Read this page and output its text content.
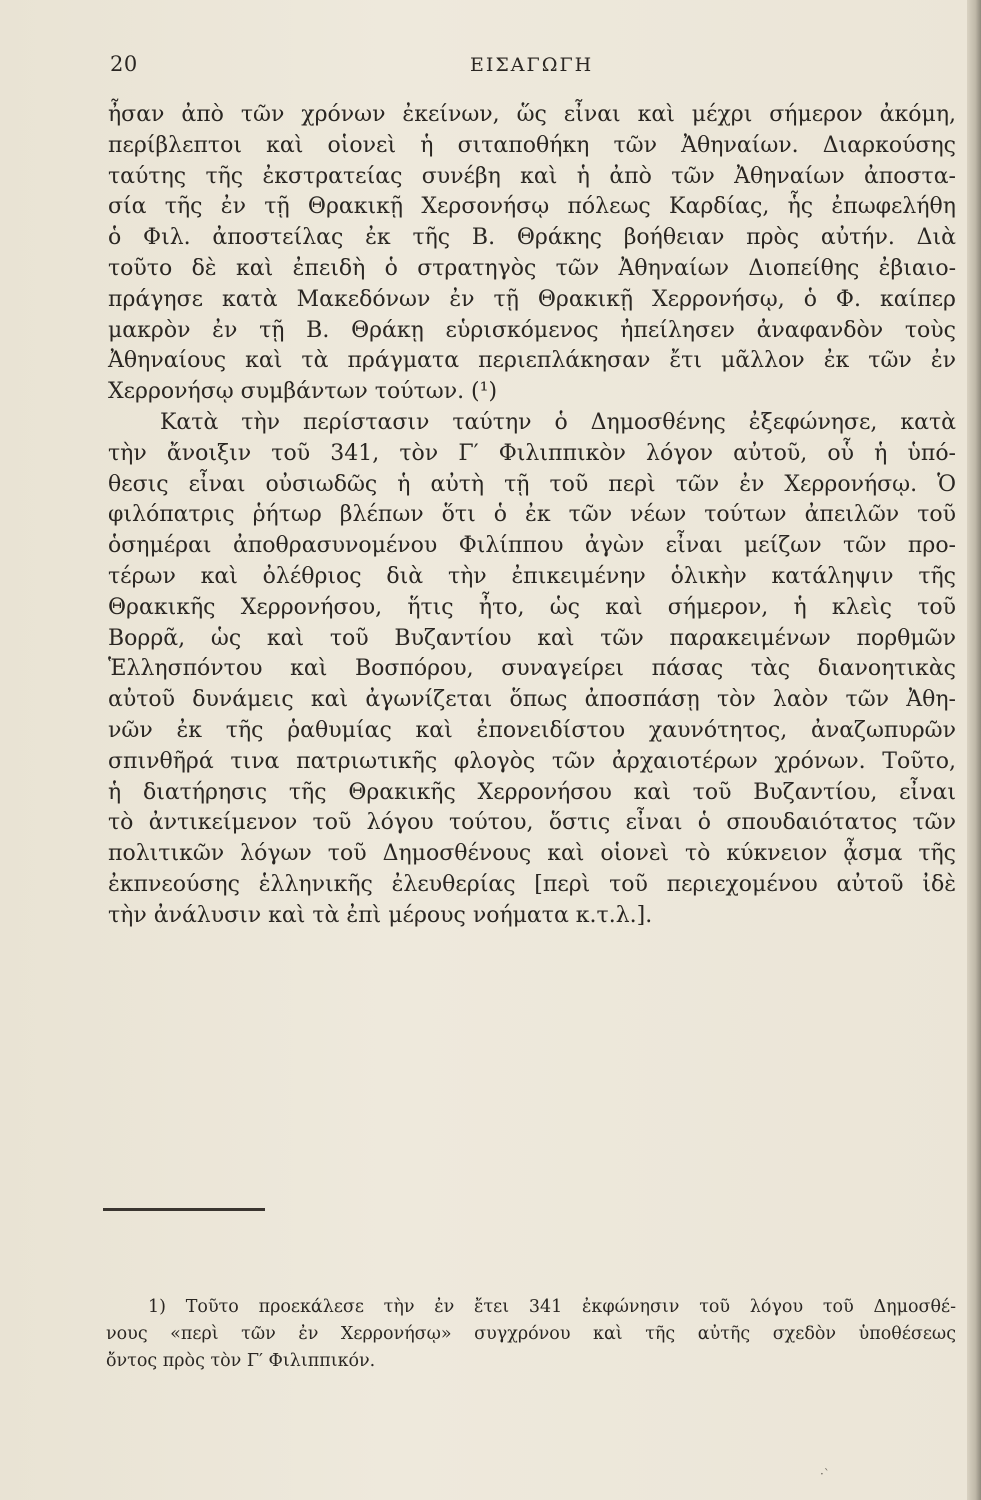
20	ΕΙΣΑΓΩΓΗ
ἦσαν ἀπὸ τῶν χρόνων ἐκείνων, ὥς εἶναι καὶ μέχρι σήμερον ἀκόμη,
περίβλεπτοι καὶ οἱονεὶ ἡ σιταποθήκη τῶν Ἀθηναίων. Διαρκούσης
ταύτης τῆς ἐκστρατείας συνέβη καὶ ἡ ἀπὸ τῶν Ἀθηναίων ἀποστα-
σία τῆς ἐν τῇ Θρακικῇ Χερσονήσῳ πόλεως Καρδίας, ἧς ἐπωφελήθη
ὁ Φιλ. ἀποστείλας ἐκ τῆς Β. Θράκης βοήθειαν πρὸς αὐτήν. Διὰ
τοῦτο δὲ καὶ ἐπειδὴ ὁ στρατηγὸς τῶν Ἀθηναίων Διοπείθης ἐβιαιο-
πράγησε κατὰ Μακεδόνων ἐν τῇ Θρακικῇ Χερρονήσῳ, ὁ Φ. καίπερ
μακρὸν ἐν τῇ Β. Θράκῃ εὑρισκόμενος ἠπείλησεν ἀναφανδὸν τοὺς
Ἀθηναίους καὶ τὰ πράγματα περιεπλάκησαν ἔτι μᾶλλον ἐκ τῶν ἐν
Χερρονήσῳ συμβάντων τούτων. (¹)
Κατὰ τὴν περίστασιν ταύτην ὁ Δημοσθένης ἐξεφώνησε, κατὰ
τὴν ἄνοιξιν τοῦ 341, τὸν Γ′ Φιλιππικὸν λόγον αὐτοῦ, οὗ ἡ ὑπό-
θεσις εἶναι οὐσιωδῶς ἡ αὐτὴ τῇ τοῦ περὶ τῶν ἐν Χερρονήσῳ. Ὁ
φιλόπατρις ῥήτωρ βλέπων ὅτι ὁ ἐκ τῶν νέων τούτων ἀπειλῶν τοῦ
ὁσημέραι ἀποθρασυνομένου Φιλίππου ἀγὼν εἶναι μείζων τῶν προ-
τέρων καὶ ὀλέθριος διὰ τὴν ἐπικειμένην ὁλικὴν κατάληψιν τῆς
Θρακικῆς Χερρονήσου, ἥτις ἦτο, ὡς καὶ σήμερον, ἡ κλεὶς τοῦ
Βορρᾶ, ὡς καὶ τοῦ Βυζαντίου καὶ τῶν παρακειμένων πορθμῶν
Ἑλλησπόντου καὶ Βοσπόρου, συναγείρει πάσας τὰς διανοητικὰς
αὐτοῦ δυνάμεις καὶ ἀγωνίζεται ὅπως ἀποσπάσῃ τὸν λαὸν τῶν Ἀθη-
νῶν ἐκ τῆς ῥαθυμίας καὶ ἐπονειδίστου χαυνότητος, ἀναζωπυρῶν
σπινθῆρά τινα πατριωτικῆς φλογὸς τῶν ἀρχαιοτέρων χρόνων. Τοῦτο,
ἡ διατήρησις τῆς Θρακικῆς Χερρονήσου καὶ τοῦ Βυζαντίου, εἶναι
τὸ ἀντικείμενον τοῦ λόγου τούτου, ὅστις εἶναι ὁ σπουδαιότατος τῶν
πολιτικῶν λόγων τοῦ Δημοσθένους καὶ οἱονεὶ τὸ κύκνειον ᾆσμα τῆς
ἐκπνεούσης ἑλληνικῆς ἐλευθερίας [περὶ τοῦ περιεχομένου αὐτοῦ ἰδὲ
τὴν ἀνάλυσιν καὶ τὰ ἐπὶ μέρους νοήματα κ.τ.λ.].
1) Τοῦτο προεκάλεσε τὴν ἐν ἔτει 341 ἐκφώνησιν τοῦ λόγου τοῦ Δημοσθέ-
νους «περὶ τῶν ἐν Χερρονήσῳ» συγχρόνου καὶ τῆς αὐτῆς σχεδὸν ὑποθέσεως
ὄντος πρὸς τὸν Γ′ Φιλιππικόν.
·`
